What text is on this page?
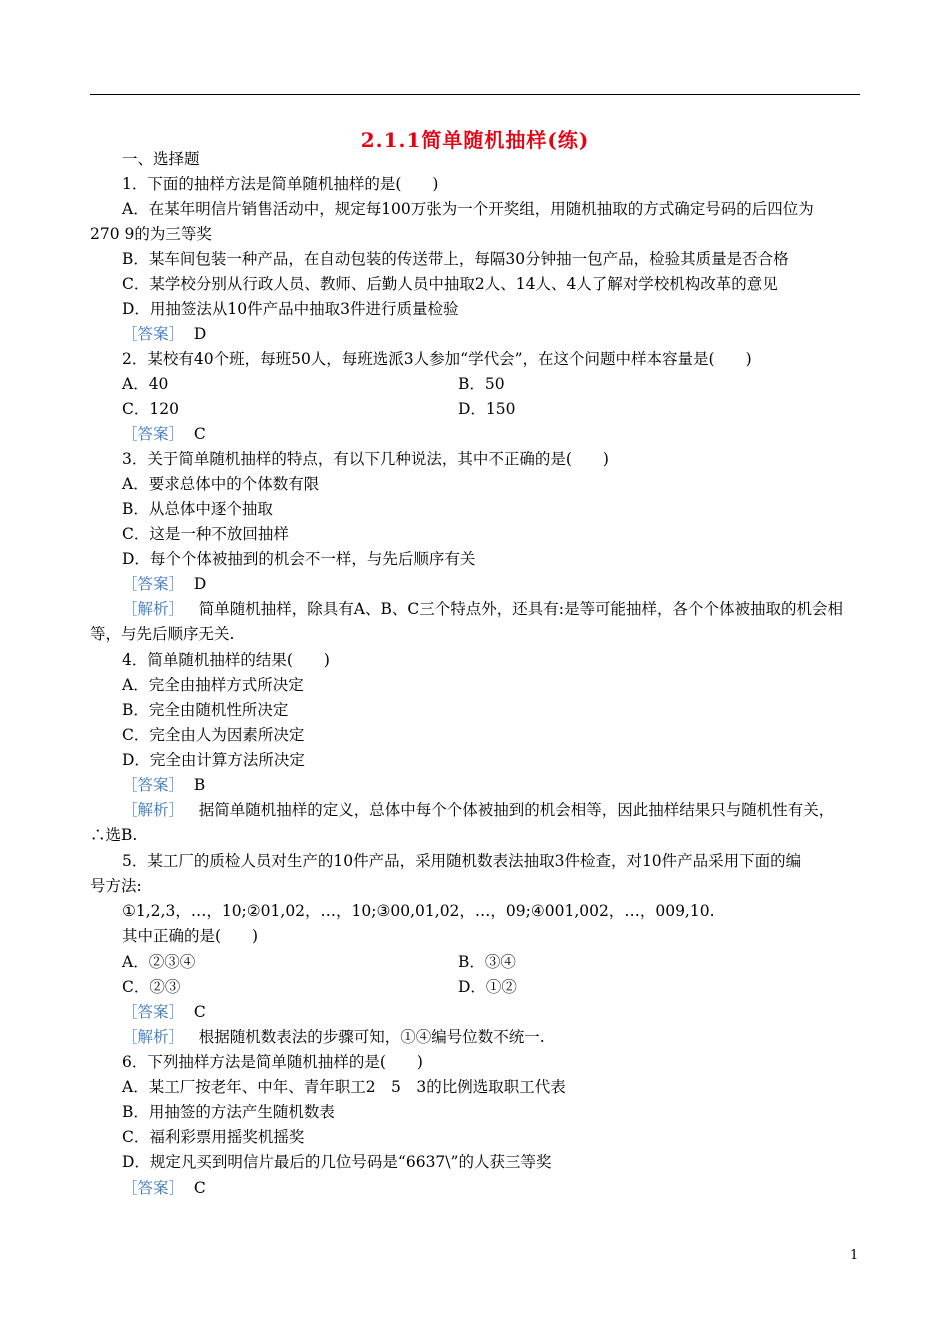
2.1.1简单随机抽样(练)
一、选择题
1．下面的抽样方法是简单随机抽样的是(　　)
A．在某年明信片销售活动中，规定每100万张为一个开奖组，用随机抽取的方式确定号码的后四位为
270 9的为三等奖
B．某车间包装一种产品，在自动包装的传送带上，每隔30分钟抽一包产品，检验其质量是否合格
C．某学校分别从行政人员、教师、后勤人员中抽取2人、14人、4人了解对学校机构改革的意见
D．用抽签法从10件产品中抽取3件进行质量检验
［答案］ D
2．某校有40个班，每班50人，每班选派3人参加“学代会”，在这个问题中样本容量是(　　)
A．40	B．50
C．120	D．150
［答案］ C
3．关于简单随机抽样的特点，有以下几种说法，其中不正确的是(　　)
A．要求总体中的个体数有限
B．从总体中逐个抽取
C．这是一种不放回抽样
D．每个个体被抽到的机会不一样，与先后顺序有关
［答案］ D
［解析］ 简单随机抽样，除具有A、B、C三个特点外，还具有:是等可能抽样，各个个体被抽取的机会相
等，与先后顺序无关.
4．简单随机抽样的结果(　　)
A．完全由抽样方式所决定
B．完全由随机性所决定
C．完全由人为因素所决定
D．完全由计算方法所决定
［答案］ B
［解析］ 据简单随机抽样的定义，总体中每个个体被抽到的机会相等，因此抽样结果只与随机性有关，
∴选B.
5．某工厂的质检人员对生产的10件产品，采用随机数表法抽取3件检查，对10件产品采用下面的编
号方法:
①1,2,3，…，10;②01,02，…，10;③00,01,02，…，09;④001,002，…，009,10.
其中正确的是(　　)
A．②③④	B．③④
C．②③	D．①②
［答案］ C
［解析］ 根据随机数表法的步骤可知，①④编号位数不统一.
6．下列抽样方法是简单随机抽样的是(　　)
A．某工厂按老年、中年、青年职工2　5　3的比例选取职工代表
B．用抽签的方法产生随机数表
C．福利彩票用摇奖机摇奖
D．规定凡买到明信片最后的几位号码是“6637\”的人获三等奖
［答案］ C
1
